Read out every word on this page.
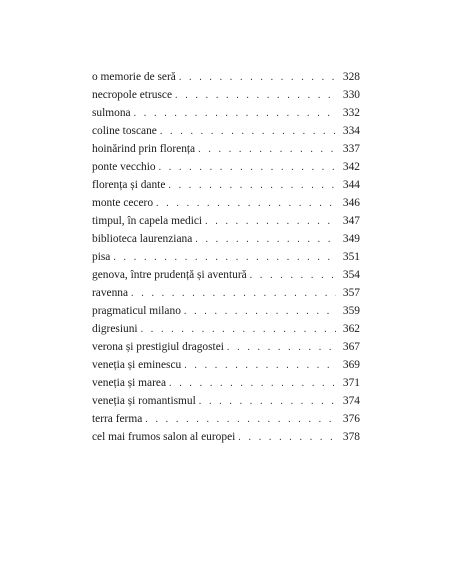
o memorie de seră . . .	328
necropole etrusce . . .	330
sulmona . . .	332
coline toscane . . .	334
hoinărind prin florența . . .	337
ponte vecchio . . .	342
florența și dante . . .	344
monte cecero . . .	346
timpul, în capela medici . . .	347
biblioteca laurenziana . . .	349
pisa . . .	351
genova, între prudență și aventură . . .	354
ravenna . . .	357
pragmaticul milano . . .	359
digresiuni . . .	362
verona și prestigiul dragostei . . .	367
veneția și eminescu . . .	369
veneția și marea . . .	371
veneția și romantismul . . .	374
terra ferma . . .	376
cel mai frumos salon al europei . . .	378
